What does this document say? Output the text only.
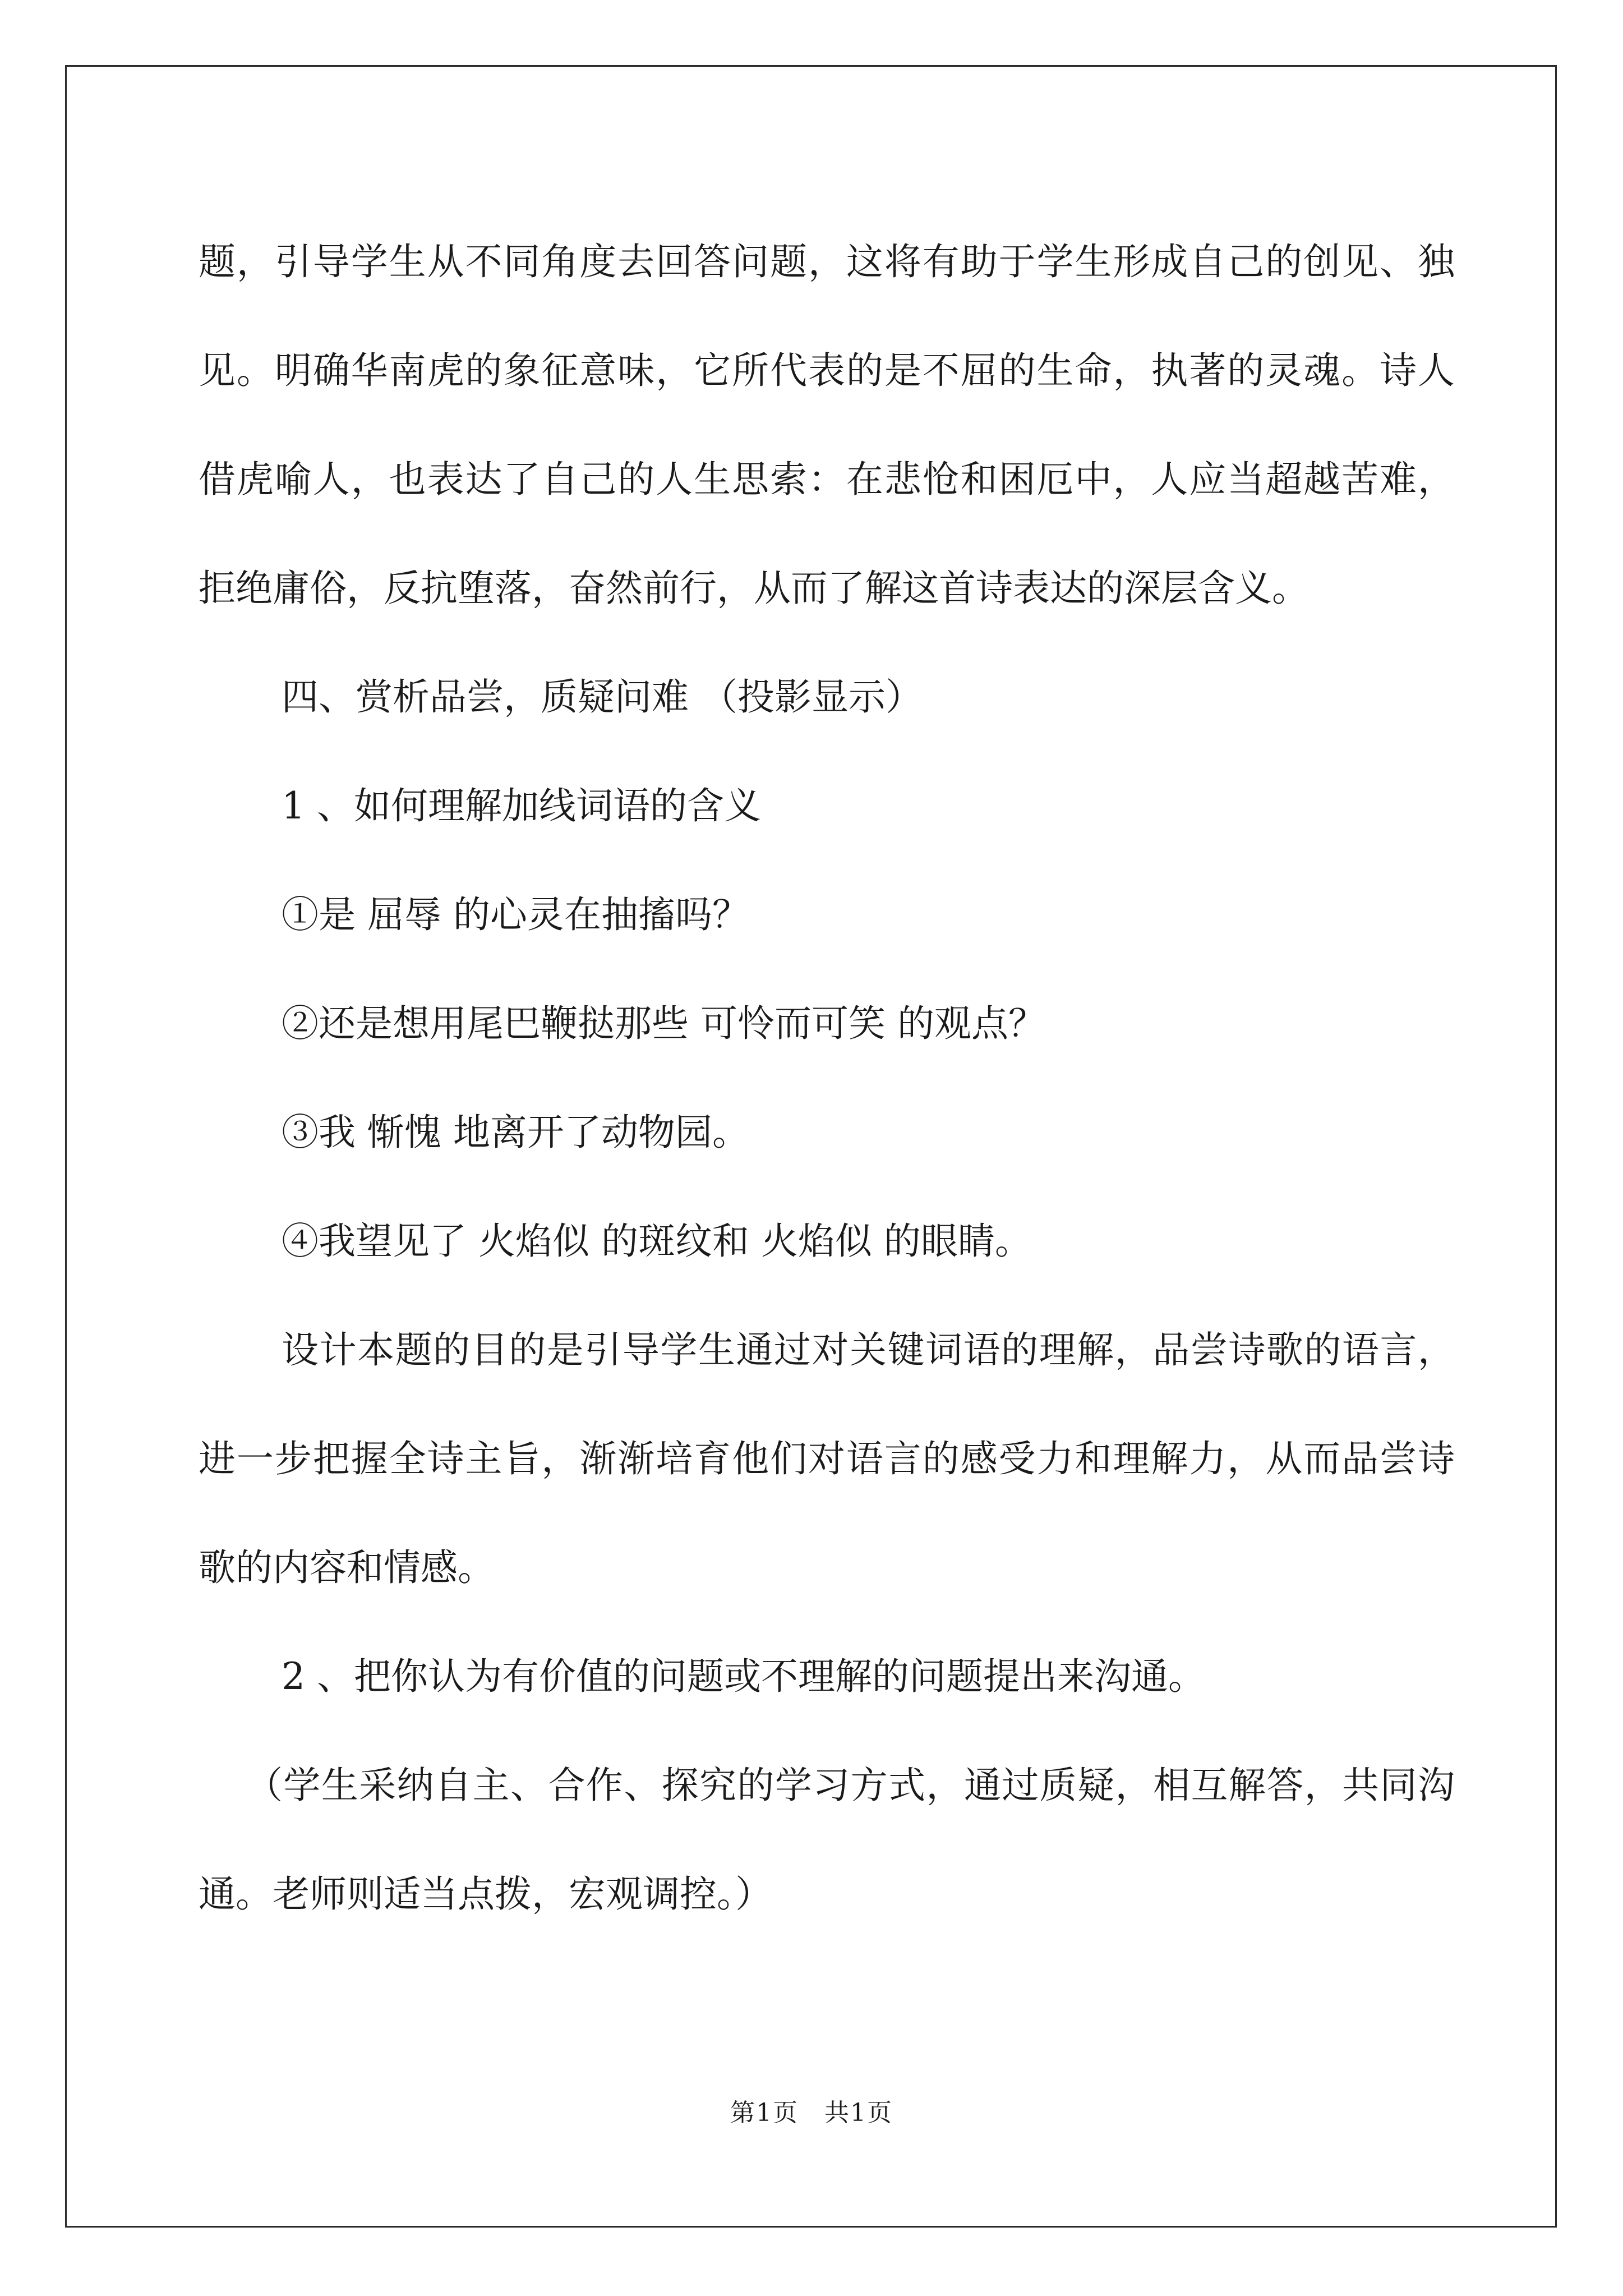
题，引导学生从不同角度去回答问题，这将有助于学生形成自己的创见、独见。明确华南虎的象征意味，它所代表的是不屈的生命，执著的灵魂。诗人借虎喻人，也表达了自己的人生思索：在悲怆和困厄中，人应当超越苦难，拒绝庸俗，反抗堕落，奋然前行，从而了解这首诗表达的深层含义。

四、赏析品尝，质疑问难 （投影显示）

1 、如何理解加线词语的含义

①是 屈辱 的心灵在抽搐吗？

②还是想用尾巴鞭挞那些 可怜而可笑 的观点？

③我 惭愧 地离开了动物园。

④我望见了 火焰似 的斑纹和 火焰似 的眼睛。

设计本题的目的是引导学生通过对关键词语的理解，品尝诗歌的语言，进一步把握全诗主旨，渐渐培育他们对语言的感受力和理解力，从而品尝诗歌的内容和情感。

2 、把你认为有价值的问题或不理解的问题提出来沟通。

（学生采纳自主、合作、探究的学习方式，通过质疑，相互解答，共同沟通。老师则适当点拨，宏观调控。）

第1页　共1页
